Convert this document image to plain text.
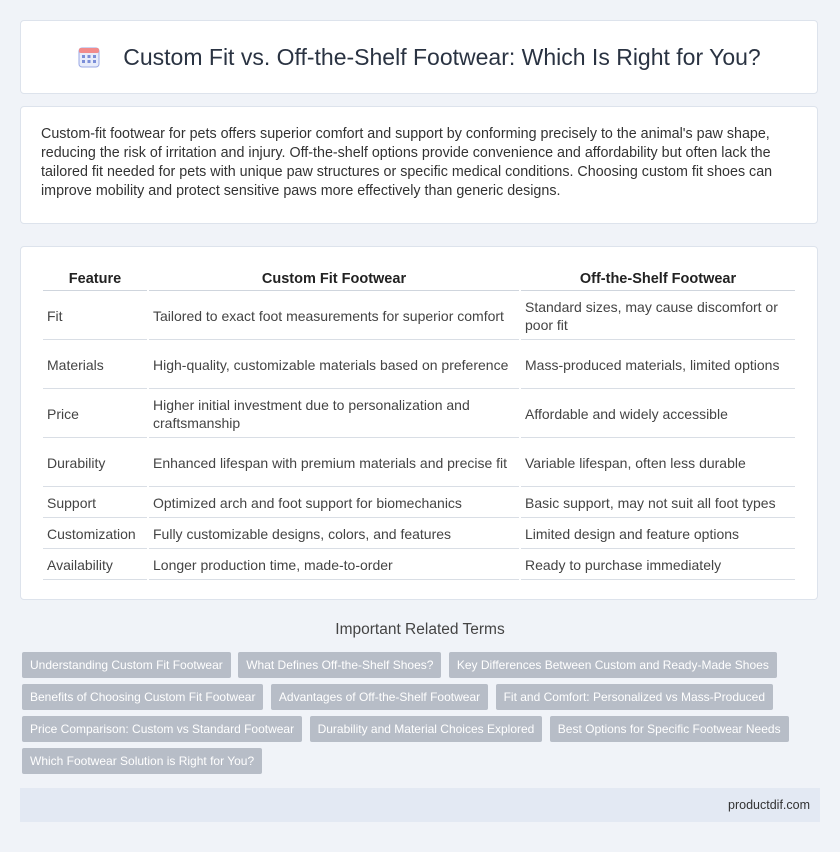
Custom Fit vs. Off-the-Shelf Footwear: Which Is Right for You?

Custom-fit footwear for pets offers superior comfort and support by conforming precisely to the animal's paw shape, reducing the risk of irritation and injury. Off-the-shelf options provide convenience and affordability but often lack the tailored fit needed for pets with unique paw structures or specific medical conditions. Choosing custom fit shoes can improve mobility and protect sensitive paws more effectively than generic designs.

Feature	Custom Fit Footwear	Off-the-Shelf Footwear
Fit	Tailored to exact foot measurements for superior comfort	Standard sizes, may cause discomfort or poor fit
Materials	High-quality, customizable materials based on preference	Mass-produced materials, limited options
Price	Higher initial investment due to personalization and craftsmanship	Affordable and widely accessible
Durability	Enhanced lifespan with premium materials and precise fit	Variable lifespan, often less durable
Support	Optimized arch and foot support for biomechanics	Basic support, may not suit all foot types
Customization	Fully customizable designs, colors, and features	Limited design and feature options
Availability	Longer production time, made-to-order	Ready to purchase immediately
Important Related Terms
Understanding Custom Fit Footwear What Defines Off-the-Shelf Shoes? Key Differences Between Custom and Ready-Made Shoes Benefits of Choosing Custom Fit Footwear Advantages of Off-the-Shelf Footwear Fit and Comfort: Personalized vs Mass-Produced Price Comparison: Custom vs Standard Footwear Durability and Material Choices Explored Best Options for Specific Footwear Needs Which Footwear Solution is Right for You?
productdif.com
